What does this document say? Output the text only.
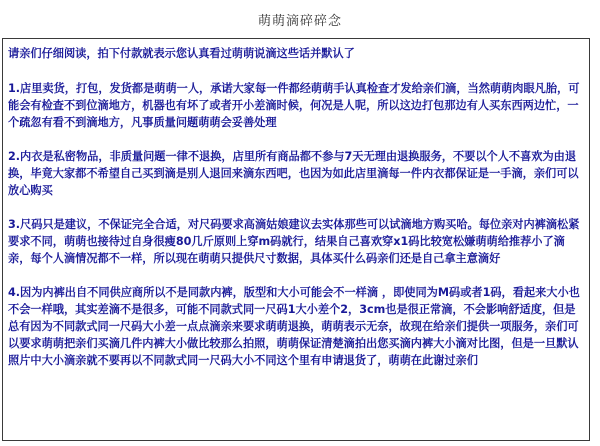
萌萌滴碎碎念
请亲们仔细阅读，拍下付款就表示您认真看过萌萌说滴这些话并默认了
1.店里卖货，打包，发货都是萌萌一人，承诺大家每一件都经萌萌手认真检查才发给亲们滴，当然萌萌肉眼凡胎，可能会有检查不到位滴地方，机器也有坏了或者开小差滴时候，何况是人呢，所以这边打包那边有人买东西两边忙，一个疏忽有看不到滴地方，凡事质量问题萌萌会妥善处理
2.内衣是私密物品，非质量问题一律不退换，店里所有商品都不参与7天无理由退换服务，不要以个人不喜欢为由退换，毕竟大家都不希望自己买到滴是别人退回来滴东西吧，也因为如此店里滴每一件内衣都保证是一手滴，亲们可以放心购买
3.尺码只是建议，不保证完全合适，对尺码要求高滴姑娘建议去实体那些可以试滴地方购买哈。每位亲对内裤滴松紧要求不同，萌萌也接待过自身很瘦80几斤原则上穿m码就行，结果自己喜欢穿x1码比较宽松嫌萌萌给推荐小了滴亲，每个人滴情况都不一样，所以现在萌萌只提供尺寸数据，具体买什么码亲们还是自己拿主意滴好
4.因为内裤出自不同供应商所以不是同款内裤，版型和大小可能会不一样滴 ，即使同为M码或者1码，看起来大小也不会一样哦，其实差滴不是很多，可能不同款式同一尺码1大小差个2，3cm也是很正常滴，不会影响舒适度，但是总有因为不同款式同一尺码大小差一点点滴亲来要求萌萌退换，萌萌表示无奈，故现在给亲们提供一项服务，亲们可以要求萌萌把亲们买滴几件内裤大小做比较那么拍照，萌萌保证清楚滴拍出您买滴内裤大小滴对比图，但是一旦默认照片中大小滴亲就不要再以不同款式同一尺码大小不同这个里有申请退货了，萌萌在此谢过亲们
